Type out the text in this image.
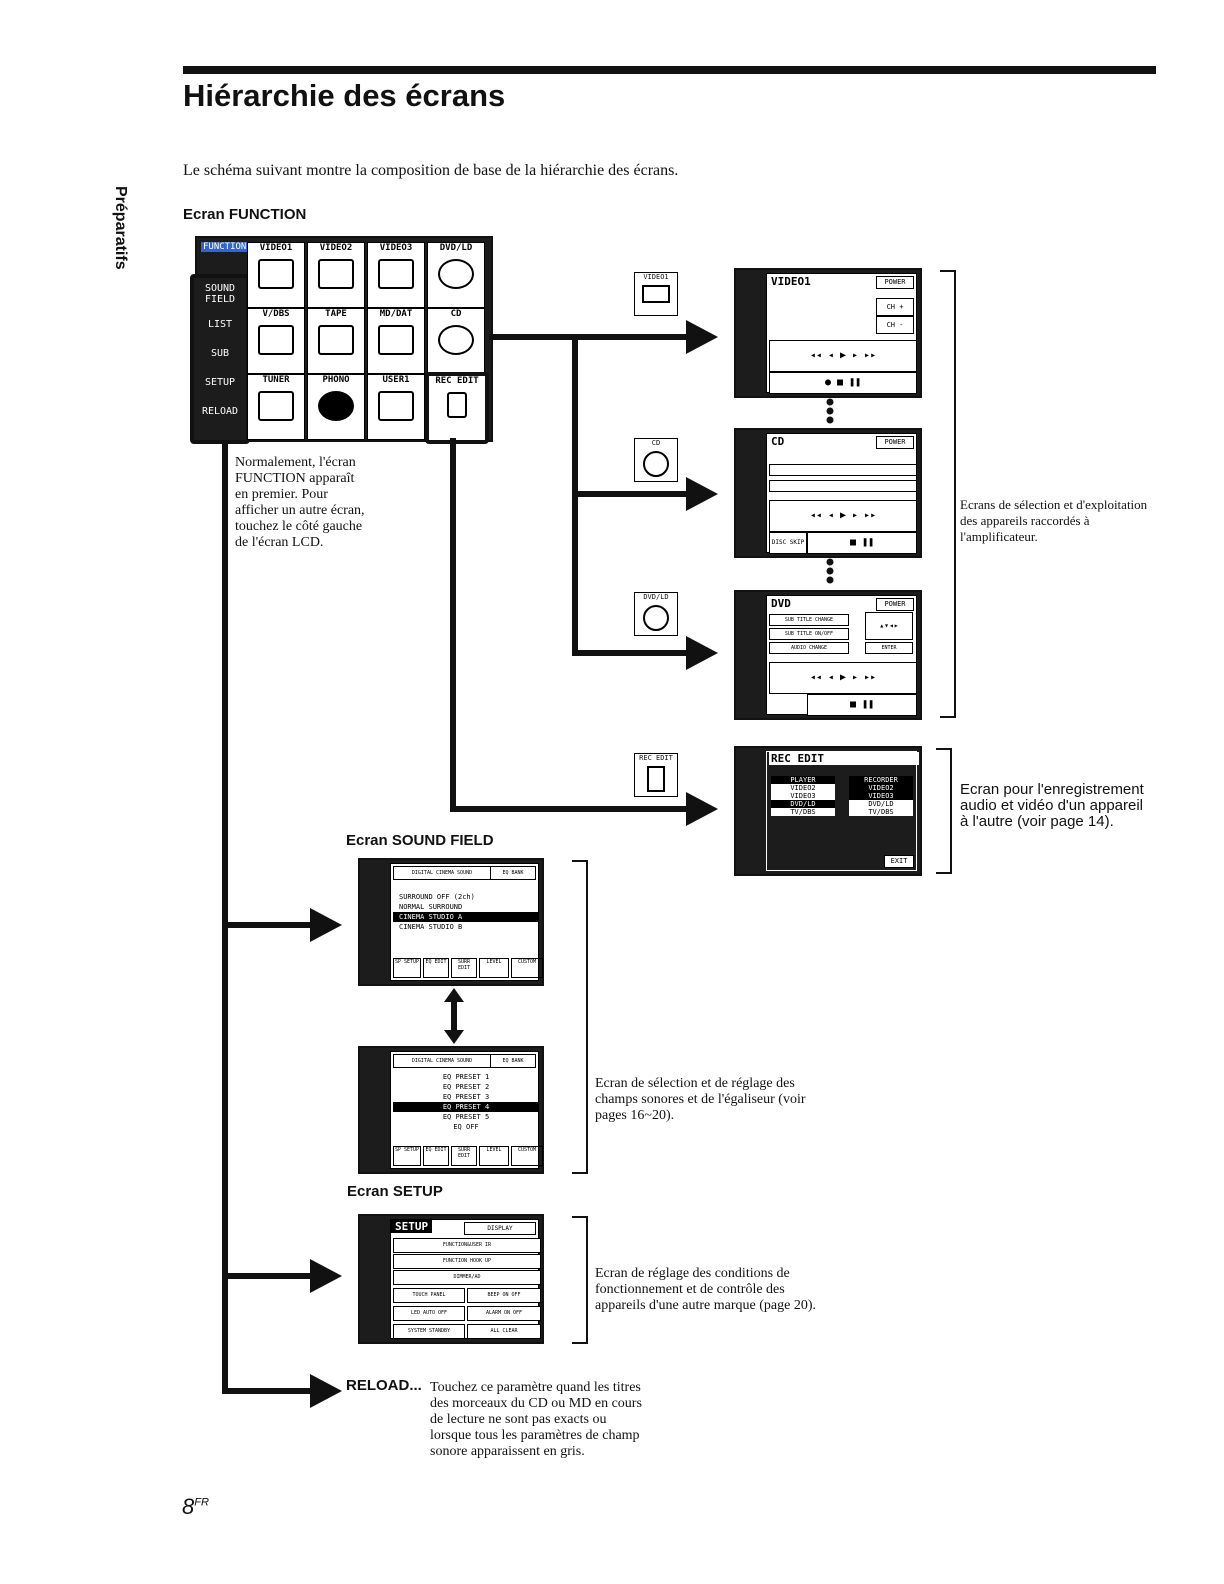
Hiérarchie des écrans
Préparatifs
Le schéma suivant montre la composition de base de la hiérarchie des écrans.
Ecran FUNCTION
FUNCTION
SOUND FIELD
LIST
SUB
SETUP
RELOAD
VIDEO1	VIDEO2	VIDEO3	DVD/LD
V/DBS	TAPE	MD/DAT	CD
TUNER	PHONO	USER1	REC EDIT
Normalement, l'écran FUNCTION apparaît en premier. Pour afficher un autre écran, touchez le côté gauche de l'écran LCD.
VIDEO1
CD
DVD/LD
REC EDIT
VIDEO1	POWER
CH +
CH -
◂◂ ◂ ▶ ▸ ▸▸
● ■ ❚❚
CD	POWER
◂◂ ◂ ▶ ▸ ▸▸
DISC SKIP	■ ❚❚
DVD	POWER
SUB TITLE CHANGE
SUB TITLE ON/OFF
AUDIO CHANGE	ENTER
▴▾◂▸
◂◂ ◂ ▶ ▸ ▸▸
■ ❚❚
Ecrans de sélection et d'exploitation des appareils raccordés à l'amplificateur.
REC EDIT
PLAYER
VIDEO2
VIDEO3
DVD/LD
TV/DBS
RECORDER
VIDEO2
VIDEO3
DVD/LD
TV/DBS
EXIT
Ecran pour l'enregistrement audio et vidéo d'un appareil à l'autre (voir page 14).
Ecran SOUND FIELD
DIGITAL CINEMA SOUND	EQ BANK
SURROUND OFF (2ch)
NORMAL SURROUND
CINEMA STUDIO A
CINEMA STUDIO B
SP SETUP	EQ EDIT	SURR EDIT
LEVEL	CUSTOM
DIGITAL CINEMA SOUND	EQ BANK
EQ PRESET 1
EQ PRESET 2
EQ PRESET 3
EQ PRESET 4
EQ PRESET 5
EQ OFF
SP SETUP	EQ EDIT	SURR EDIT
LEVEL	CUSTOM
Ecran de sélection et de réglage des champs sonores et de l'égaliseur (voir pages 16~20).
Ecran SETUP
SETUP	DISPLAY
FUNCTION&USER IR
FUNCTION HOOK UP
DIMMER/AD
TOUCH PANEL	BEEP ON OFF
LED AUTO OFF	ALARM ON OFF
SYSTEM STANDBY	ALL CLEAR
Ecran de réglage des conditions de fonctionnement et de contrôle des appareils d'une autre marque (page 20).
RELOAD... Touchez ce paramètre quand les titres des morceaux du CD ou MD en cours de lecture ne sont pas exacts ou lorsque tous les paramètres de champ sonore apparaissent en gris.
$8^{FR}$
